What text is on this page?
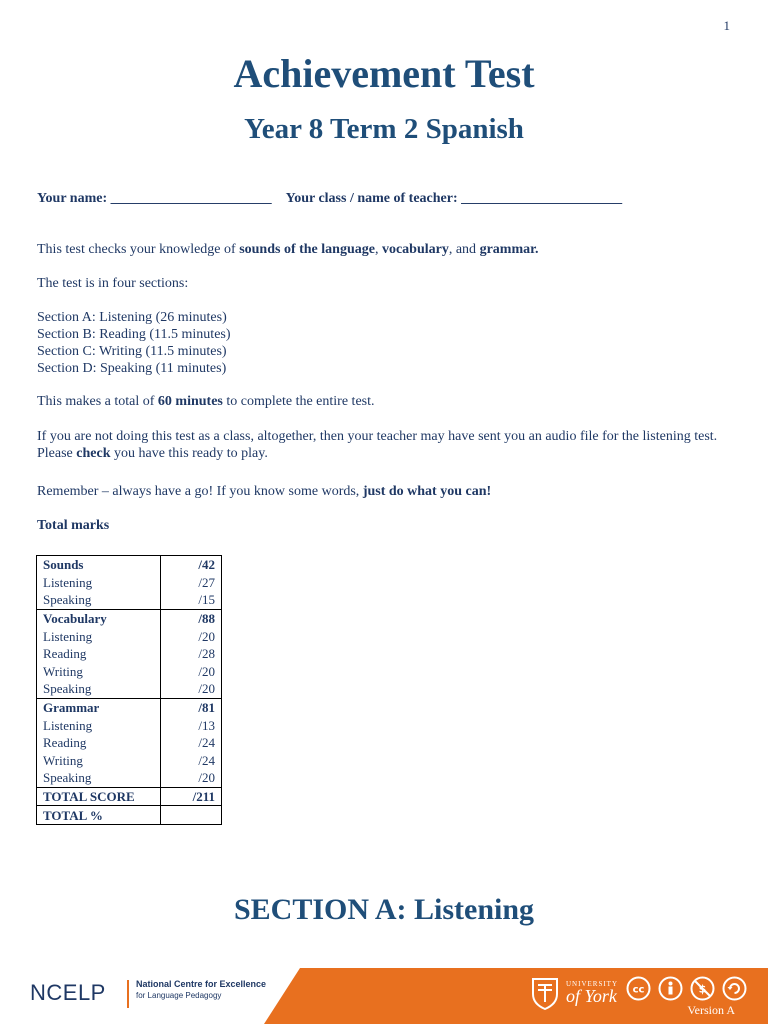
1
Achievement Test
Year 8 Term 2 Spanish
Your name: _______________________ Your class / name of teacher: _______________________
This test checks your knowledge of sounds of the language, vocabulary, and grammar.
The test is in four sections:
Section A: Listening (26 minutes)
Section B: Reading (11.5 minutes)
Section C: Writing (11.5 minutes)
Section D: Speaking (11 minutes)
This makes a total of 60 minutes to complete the entire test.
If you are not doing this test as a class, altogether, then your teacher may have sent you an audio file for the listening test. Please check you have this ready to play.
Remember – always have a go! If you know some words, just do what you can!
Total marks
Sounds	/42
Listening	/27
Speaking	/15
Vocabulary	/88
Listening	/20
Reading	/28
Writing	/20
Speaking	/20
Grammar	/81
Listening	/13
Reading	/24
Writing	/24
Speaking	/20
TOTAL SCORE	/211
TOTAL %	
SECTION A: Listening
NCELP	National Centre for Excellence
for Language Pedagogy
UNIVERSITY
of York cc
	$

Version A
